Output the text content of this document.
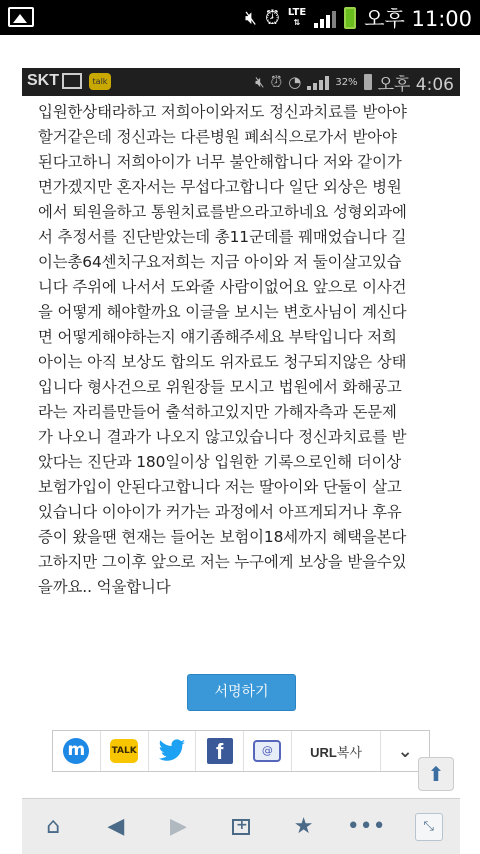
🔇︎ ⏰︎ LTE
⇅	오후 11:00
SKT	talk	🔇︎ ⏰︎ ◔	32% 오후 4:06
입원한상태라하고 저희아이와저도 정신과치료를 받아야
할거같은데 정신과는 다른병원 폐쇠식으로가서 받아야
된다고하니 저희아이가 너무 불안해합니다 저와 같이가
면가겠지만 혼자서는 무섭다고합니다 일단 외상은 병원
에서 퇴원을하고 통원치료를받으라고하네요 성형외과에
서 추정서를 진단받았는데 총11군데를 꿰매었습니다 길
이는총64센치구요저희는 지금 아이와 저 둘이살고있습
니다 주위에 나서서 도와줄 사람이없어요 앞으로 이사건
을 어떻게 해야할까요 이글을 보시는 변호사님이 계신다
면 어떻게해야하는지 얘기좀해주세요 부탁입니다 저희
아이는 아직 보상도 합의도 위자료도 청구되지않은 상태
입니다 형사건으로 위원장들 모시고 법원에서 화해공고
라는 자리를만들어 출석하고있지만 가해자측과 돈문제
가 나오니 결과가 나오지 않고있습니다 정신과치료를 받
았다는 진단과 180일이상 입원한 기록으로인해 더이상
보험가입이 안된다고합니다 저는 딸아이와 단둘이 살고
있습니다 이아이가 커가는 과정에서 아프게되거나 후유
증이 왔을땐 현재는 들어논 보험이18세까지 혜택을본다
고하지만 그이후 앞으로 저는 누구에게 보상을 받을수있
을까요.. 억울합니다
서명하기
m	TALK	f	@	URL복사 ⌄
⬆
⌂ ◀ ▶
+	★ •••	⤡
